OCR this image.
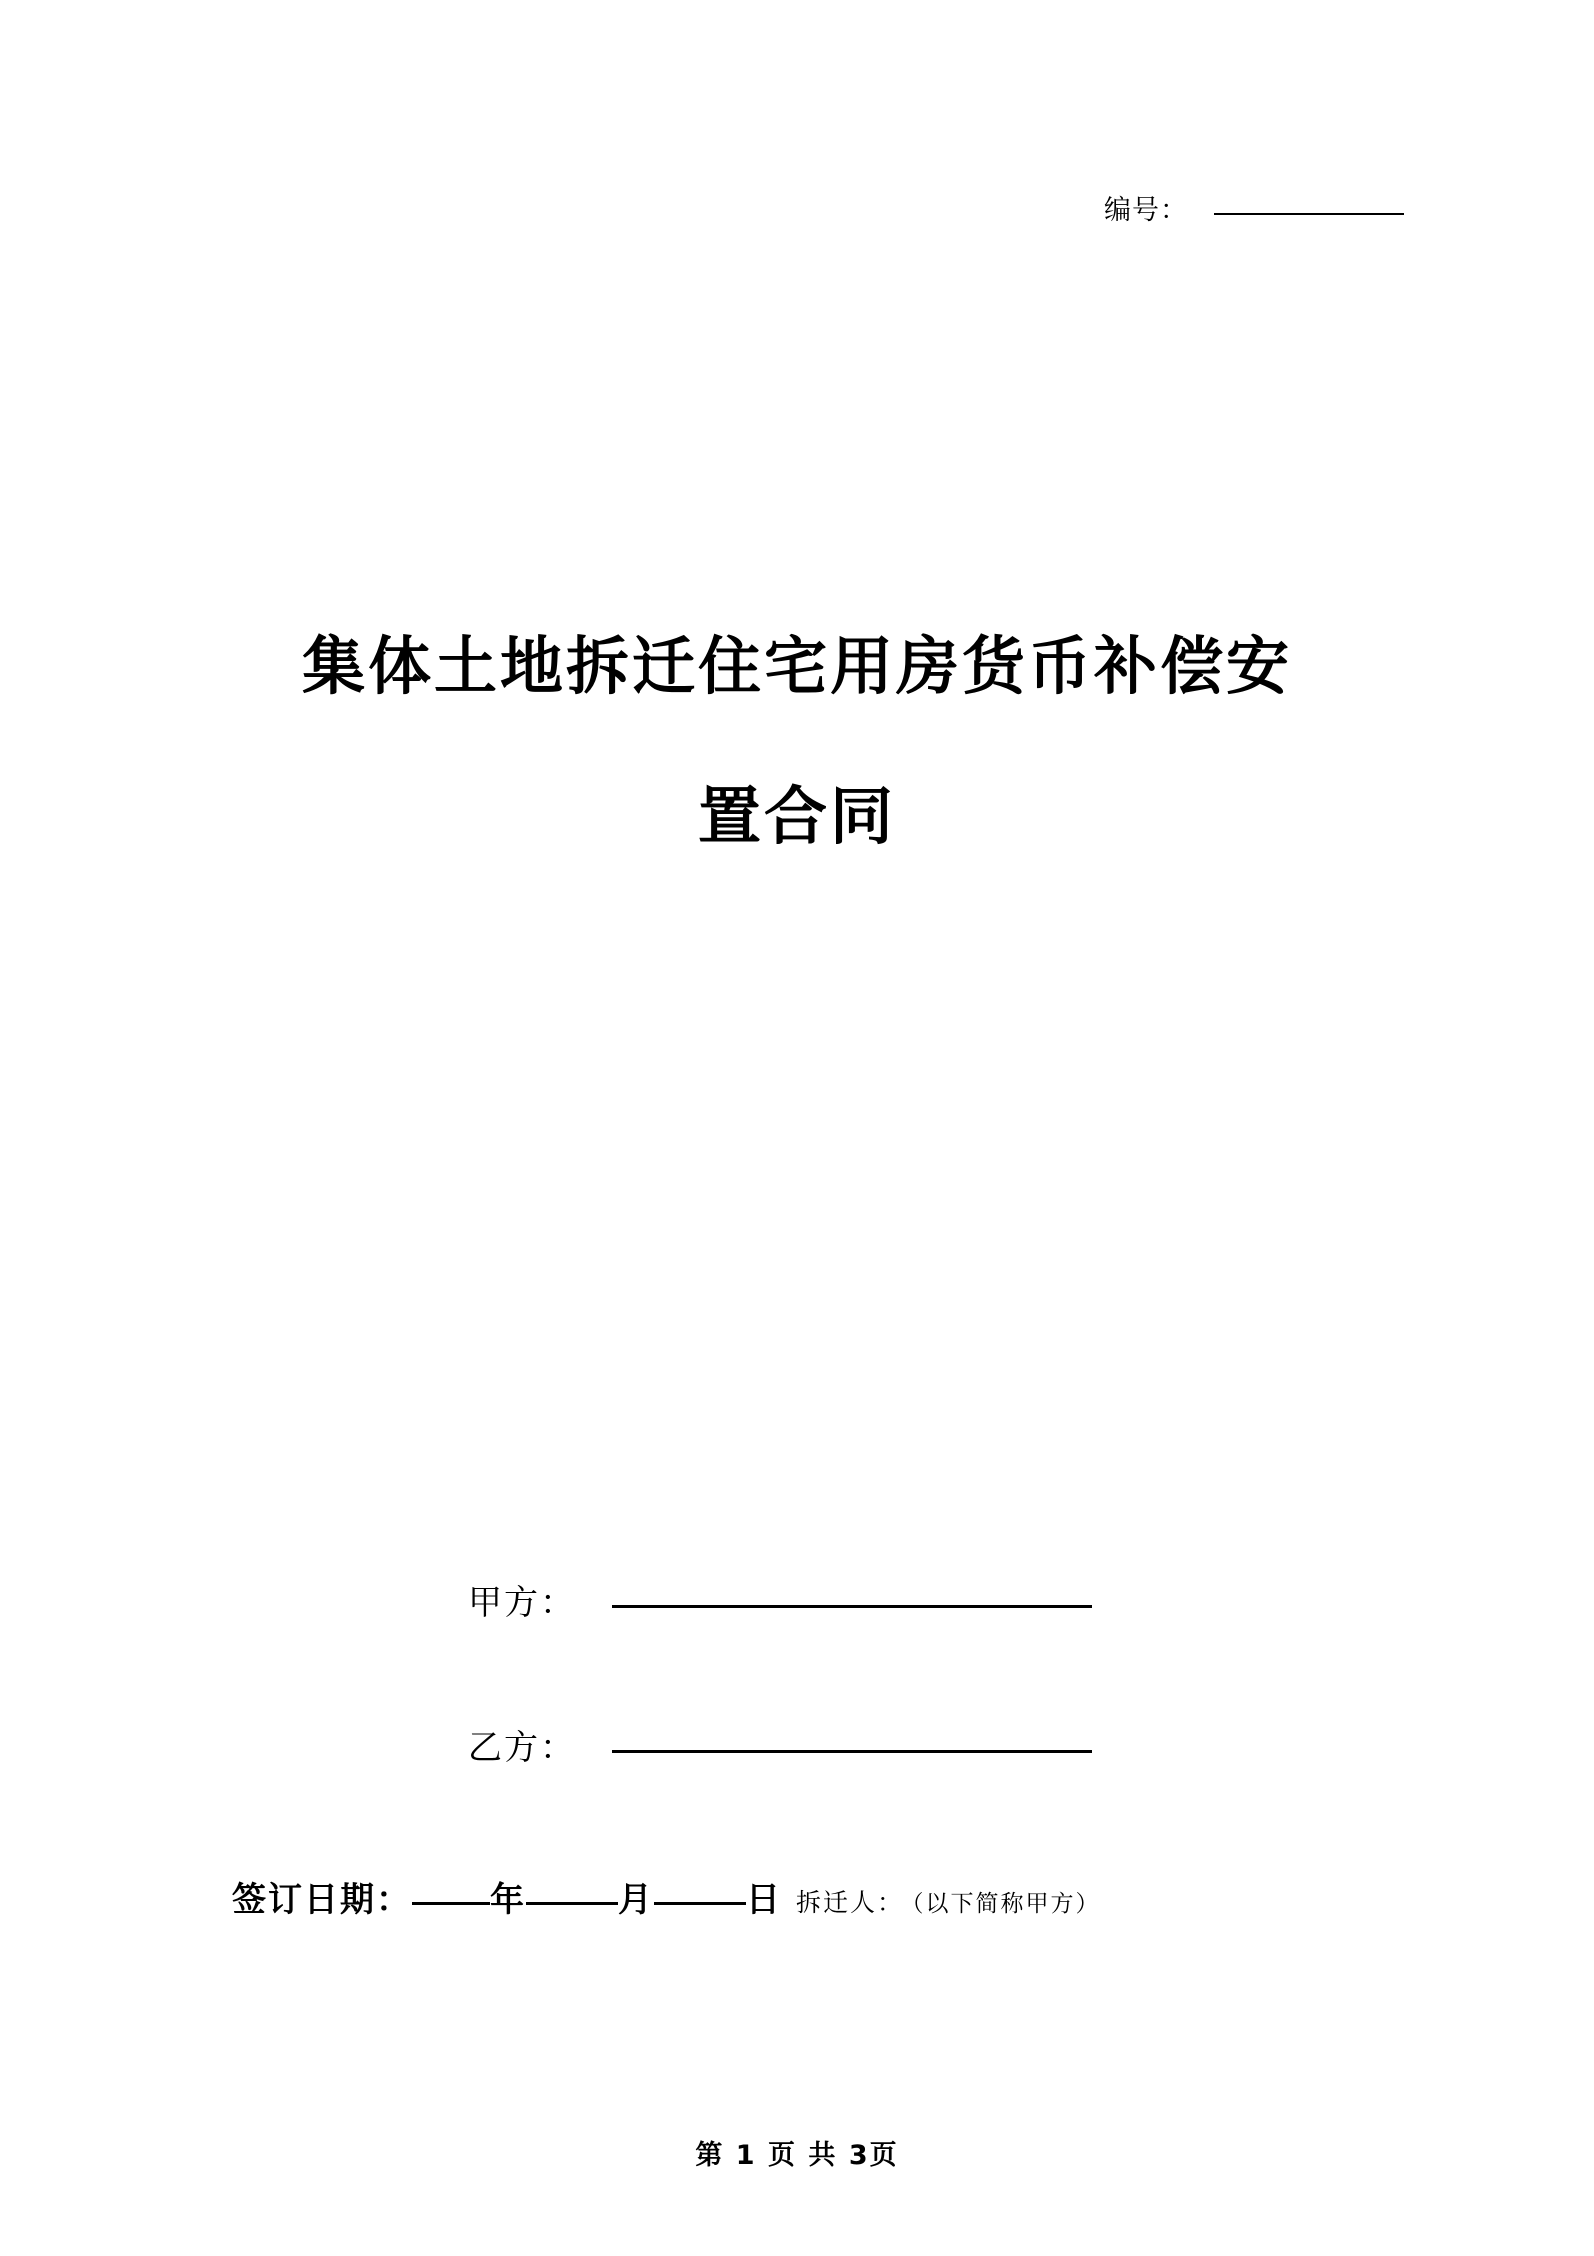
编号：
集体土地拆迁住宅用房货币补偿安
置合同
甲方：
乙方：
签订日期： 年	月	日 拆迁人： （以下简称甲方）
第 1 页 共 3页
